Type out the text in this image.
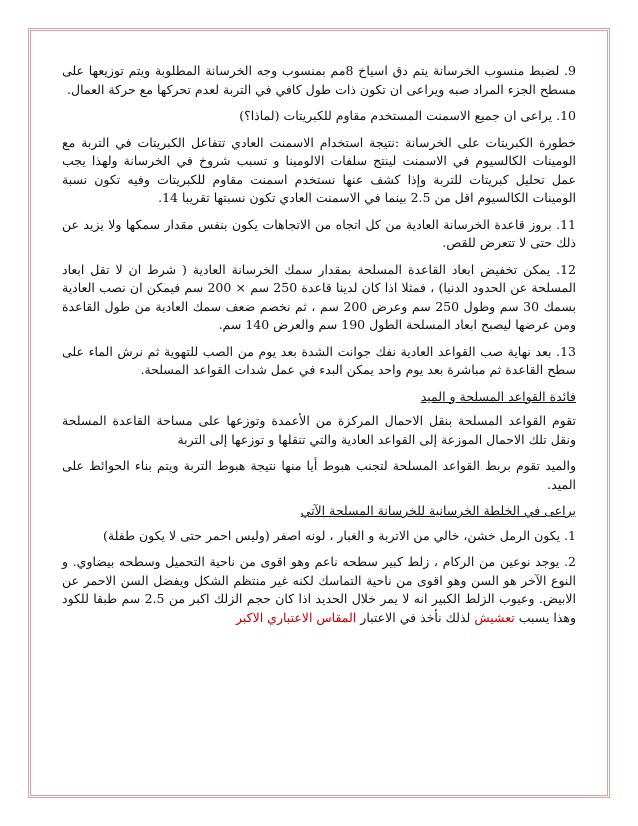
9. لضبط منسوب الخرسانة يتم دق اسياخ 8مم بمنسوب وجه الخرسانة المطلوبة ويتم توزيعها على مسطح الجزء المراد صبه ويراعى ان تكون ذات طول كافي في التربة لعدم تحركها مع حركة العمال.

10. يراعى ان جميع الاسمنت المستخدم مقاوم للكبريتات (لماذا؟)

خطورة الكبريتات على الخرسانة :نتيجة استخدام الاسمنت العادي تتفاعل الكبريتات في التربة مع الومينات الكالسيوم في الاسمنت لينتج سلفات الالومينا و تسبب شروخ في الخرسانة ولهذا يجب عمل تحليل كبريتات للتربة وإذا كشف عنها نستخدم اسمنت مقاوم للكبريتات وفيه تكون نسبة الومينات الكالسيوم اقل من 2.5 بينما في الاسمنت العادي تكون نسبتها تقريبا 14.

11. بروز قاعدة الخرسانة العادية من كل اتجاه من الاتجاهات يكون بنفس مقدار سمكها ولا يزيد عن ذلك حتى لا تتعرض للقص.

12. يمكن تخفيض ابعاد القاعدة المسلحة بمقدار سمك الخرسانة العادية ( شرط ان لا تقل ابعاد المسلحة عن الحدود الدنيا) ، فمثلا اذا كان لدينا قاعدة 250 سم × 200 سم فيمكن ان نصب العادية بسمك 30 سم وطول 250 سم وعرض 200 سم ، ثم نخصم ضعف سمك العادية من طول القاعدة ومن عرضها ليصبح ابعاد المسلحة الطول 190 سم والعرض 140 سم.

13. بعد نهاية صب القواعد العادية نفك جوانت الشدة بعد يوم من الصب للتهوية ثم نرش الماء على سطح القاعدة ثم مباشرة بعد يوم واحد يمكن البدء في عمل شدات القواعد المسلحة.

فائدة القواعد المسلحة و الميد

تقوم القواعد المسلحة بنقل الاحمال المركزة من الأعمدة وتوزعها على مساحة القاعدة المسلحة ونقل تلك الاحمال الموزعة إلى القواعد العادية والتي تنقلها و توزعها إلى التربة

والميد تقوم بربط القواعد المسلحة لتجنب هبوط أيا منها نتيجة هبوط التربة ويتم بناء الحوائط على الميد.

يراعى في الخلطة الخرسانية للخرسانة المسلحة الآتي

1. يكون الرمل خشن، خالي من الاتربة و الغبار ، لونه اصفر (وليس احمر حتى لا يكون طفلة)

2. يوجد نوعين من الركام ، زلط كبير سطحه ناعم وهو اقوى من ناحية التحميل وسطحه بيضاوي. و النوع الآخر هو السن وهو اقوى من ناحية التماسك لكنه غير منتظم الشكل ويفضل السن الاحمر عن الابيض. وعيوب الزلط الكبير انه لا يمر خلال الحديد اذا كان حجم الزلك اكبر من 2.5 سم طبقا للكود وهذا يسبب تعشيش لذلك نأخذ في الاعتبار المقاس الاعتباري الاكبر
